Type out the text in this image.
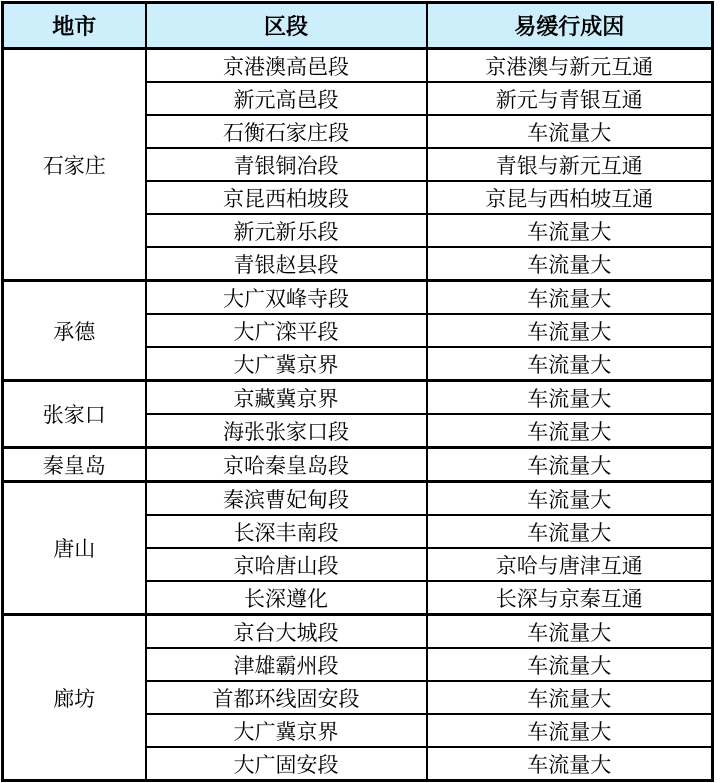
地市	区段	易缓行成因
石家庄	京港澳高邑段	京港澳与新元互通
	新元高邑段	新元与青银互通
	石衡石家庄段	车流量大
	青银铜冶段	青银与新元互通
	京昆西柏坡段	京昆与西柏坡互通
	新元新乐段	车流量大
	青银赵县段	车流量大
承德	大广双峰寺段	车流量大
	大广滦平段	车流量大
	大广冀京界	车流量大
张家口	京藏冀京界	车流量大
	海张张家口段	车流量大
秦皇岛	京哈秦皇岛段	车流量大
唐山	秦滨曹妃甸段	车流量大
	长深丰南段	车流量大
	京哈唐山段	京哈与唐津互通
	长深遵化	长深与京秦互通
廊坊	京台大城段	车流量大
	津雄霸州段	车流量大
	首都环线固安段	车流量大
	大广冀京界	车流量大
	大广固安段	车流量大
